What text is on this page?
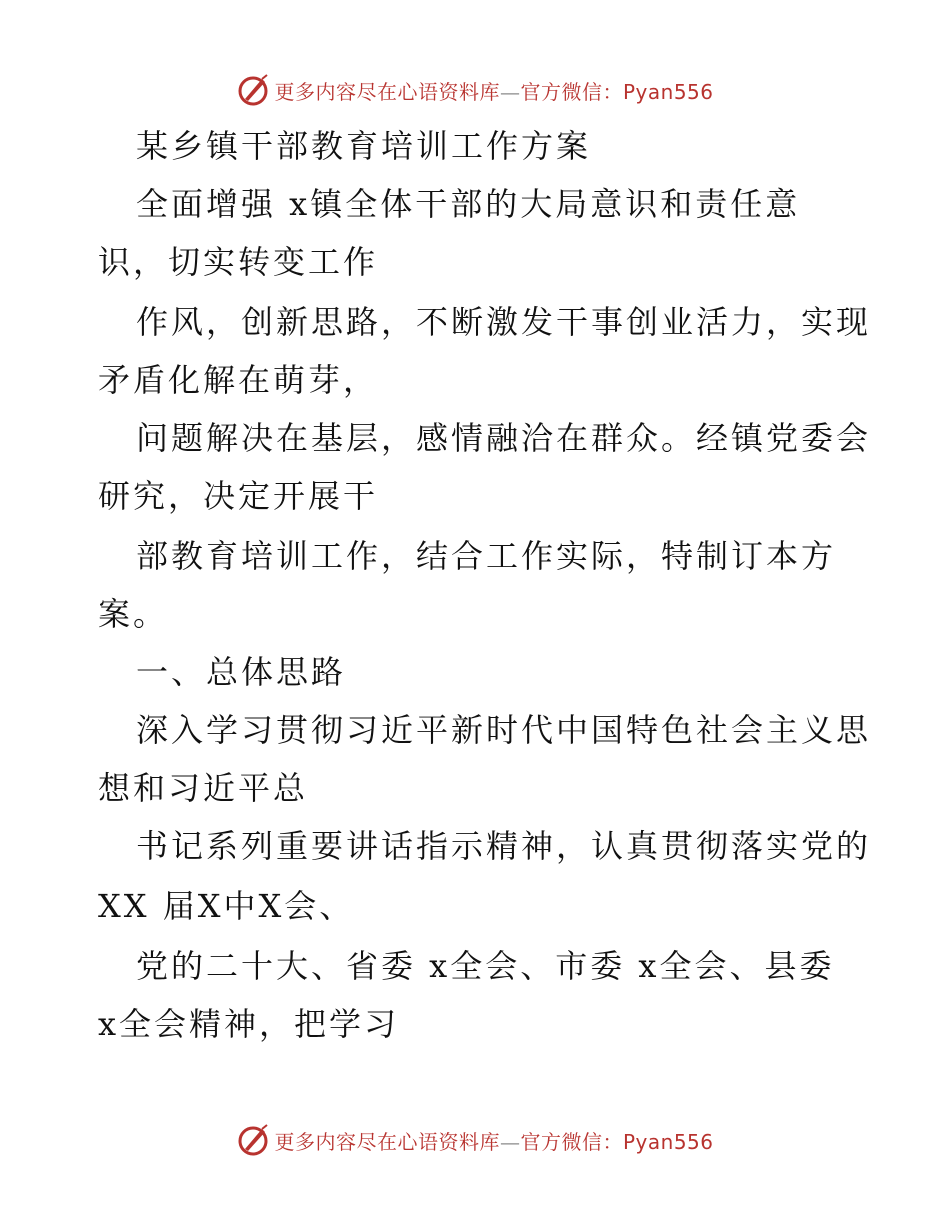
更多内容尽在心语资料库—官方微信：Pyan556
某乡镇干部教育培训工作方案
全面增强 x镇全体干部的大局意识和责任意
识，切实转变工作
作风，创新思路，不断激发干事创业活力，实现
矛盾化解在萌芽，
问题解决在基层，感情融洽在群众。经镇党委会
研究，决定开展干
部教育培训工作，结合工作实际，特制订本方
案。
一、总体思路
深入学习贯彻习近平新时代中国特色社会主义思
想和习近平总
书记系列重要讲话指示精神，认真贯彻落实党的
XX 届X中X会、
党的二十大、省委 x全会、市委 x全会、县委
x全会精神，把学习
更多内容尽在心语资料库—官方微信：Pyan556
